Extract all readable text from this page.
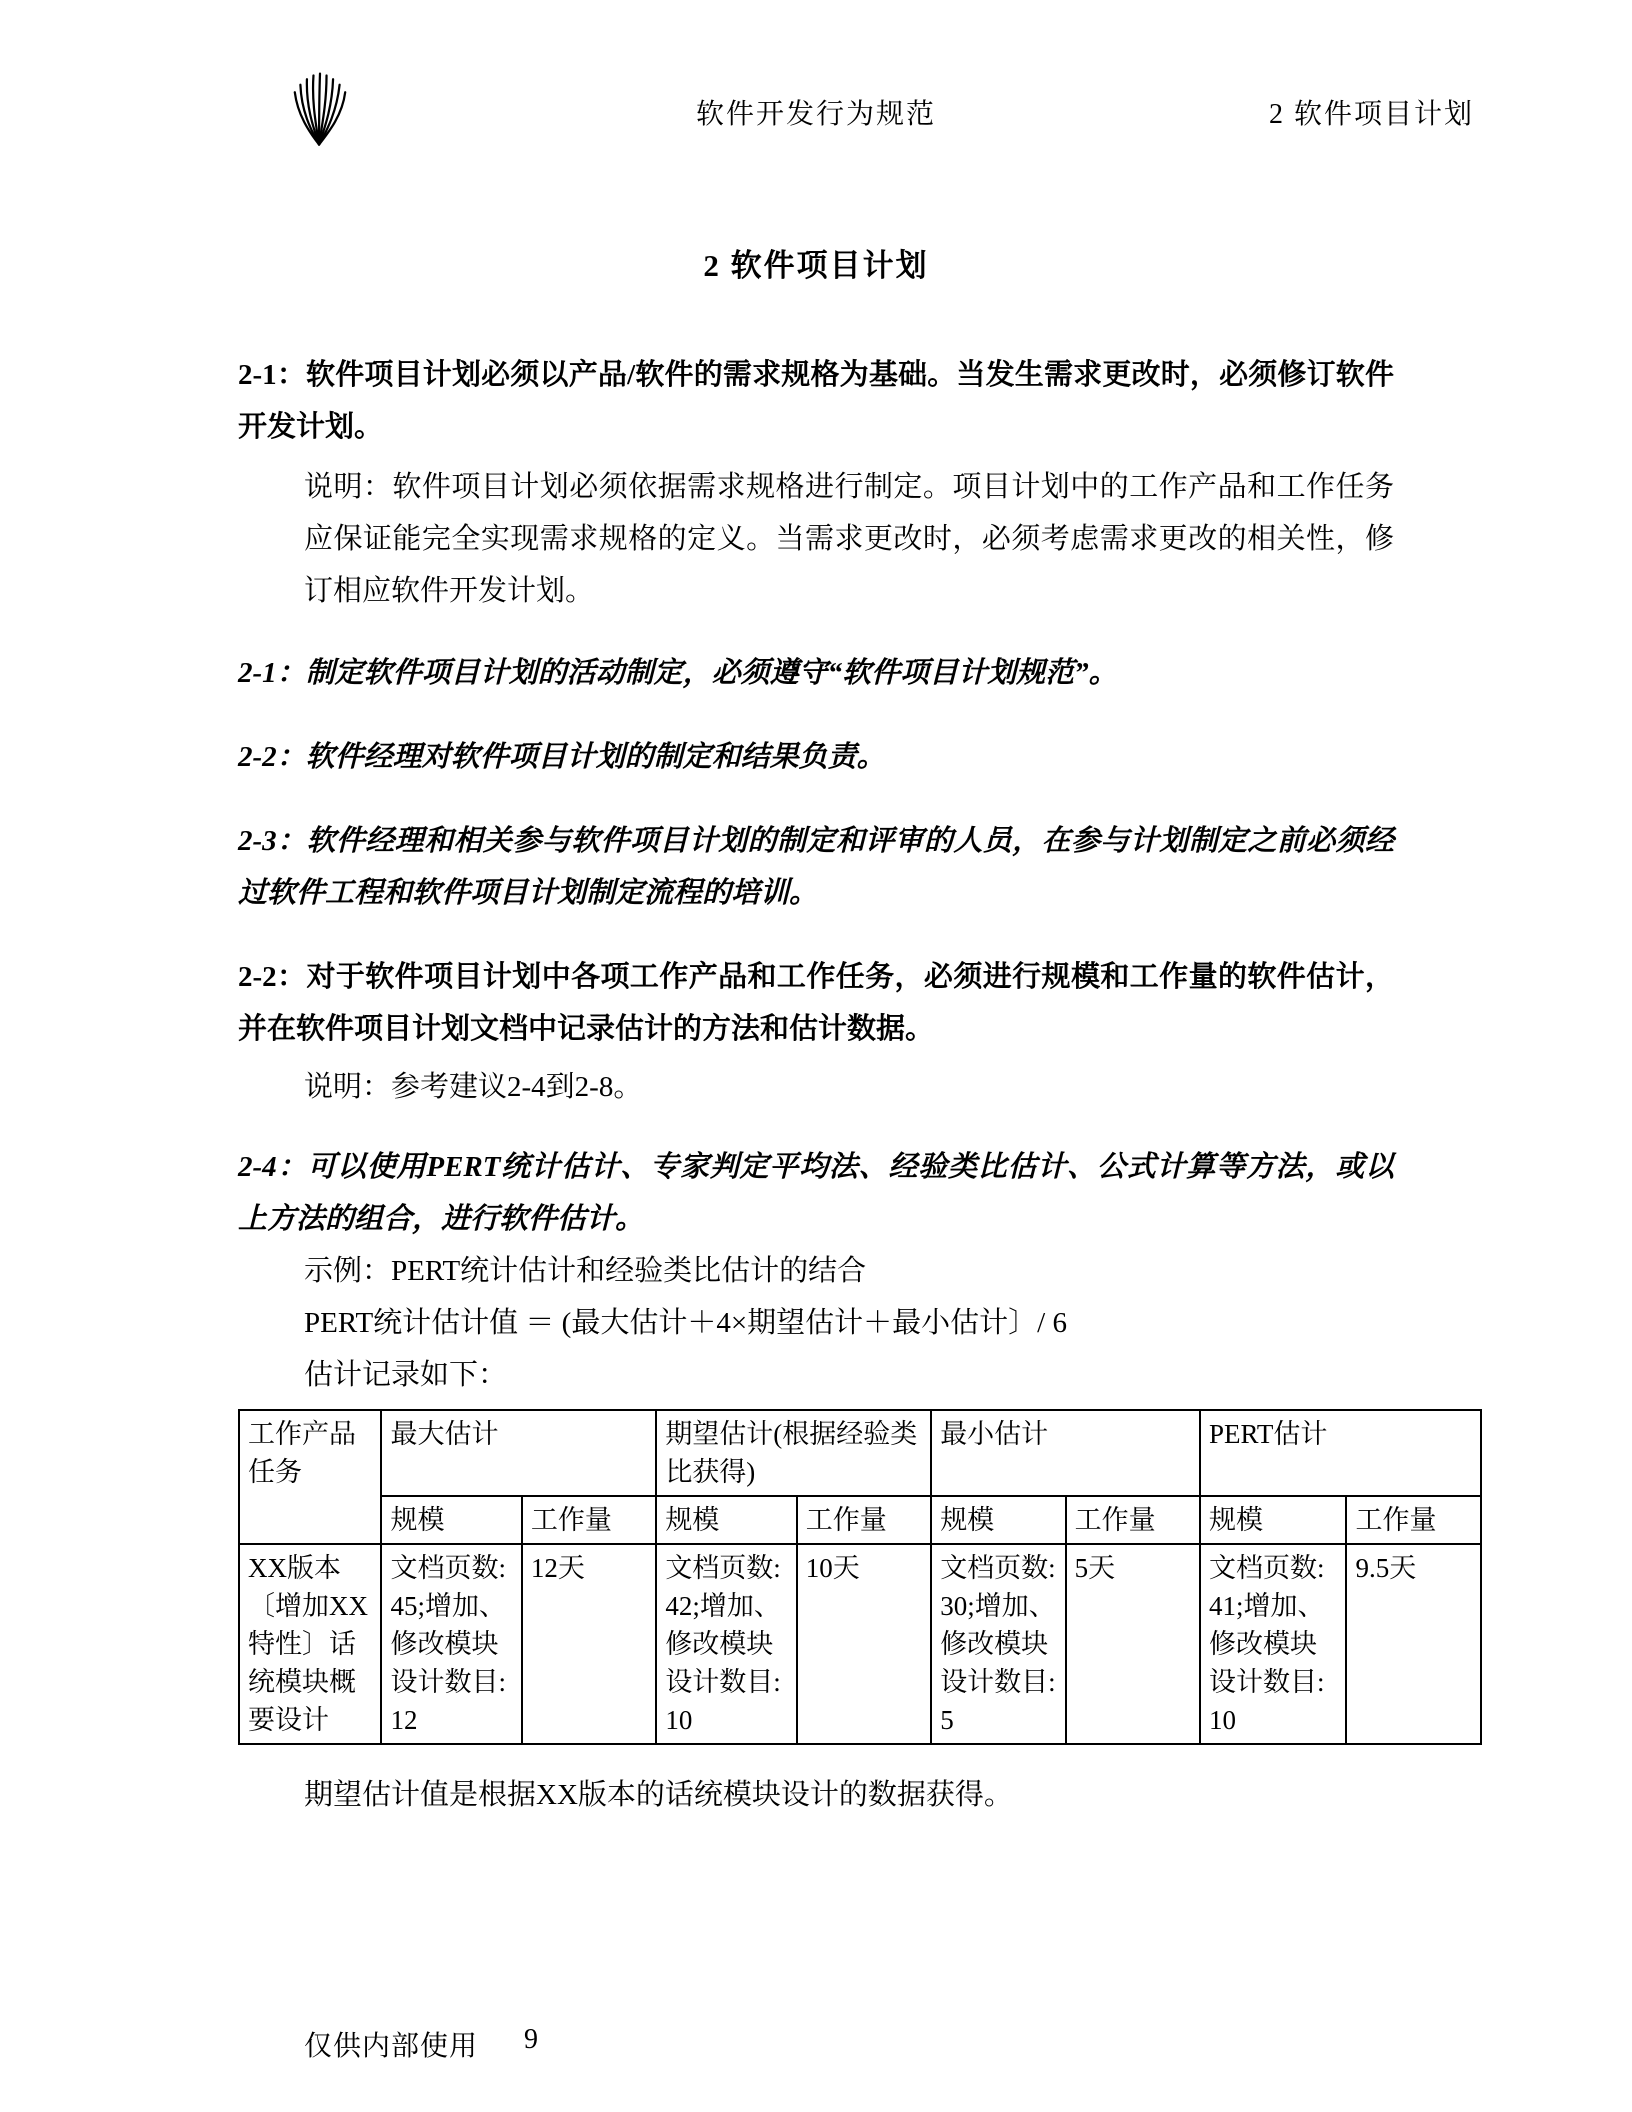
软件开发行为规范	2 软件项目计划
2 软件项目计划

2-1：软件项目计划必须以产品/软件的需求规格为基础。当发生需求更改时，必须修订软件开发计划。

说明：软件项目计划必须依据需求规格进行制定。项目计划中的工作产品和工作任务应保证能完全实现需求规格的定义。当需求更改时，必须考虑需求更改的相关性，修订相应软件开发计划。

2-1：制定软件项目计划的活动制定，必须遵守“软件项目计划规范”。

2-2：软件经理对软件项目计划的制定和结果负责。

2-3：软件经理和相关参与软件项目计划的制定和评审的人员，在参与计划制定之前必须经过软件工程和软件项目计划制定流程的培训。

2-2：对于软件项目计划中各项工作产品和工作任务，必须进行规模和工作量的软件估计，并在软件项目计划文档中记录估计的方法和估计数据。

说明：参考建议2-4到2-8。

2-4：可以使用PERT统计估计、专家判定平均法、经验类比估计、公式计算等方法，或以上方法的组合，进行软件估计。

示例：PERT统计估计和经验类比估计的结合

PERT统计估计值 ＝ (最大估计＋4×期望估计＋最小估计〕/ 6

估计记录如下：

工作产品任务	最大估计		期望估计(根据经验类比获得)		最小估计		PERT估计	
	规模	工作量	规模	工作量	规模	工作量	规模	工作量
XX版本〔增加XX特性〕话统模块概要设计	文档页数:45;增加、修改模块设计数目:12	12天	文档页数:42;增加、修改模块设计数目:10	10天	文档页数:30;增加、修改模块设计数目:5	5天	文档页数:41;增加、修改模块设计数目:10	9.5天

期望估计值是根据XX版本的话统模块设计的数据获得。

仅供内部使用 9
